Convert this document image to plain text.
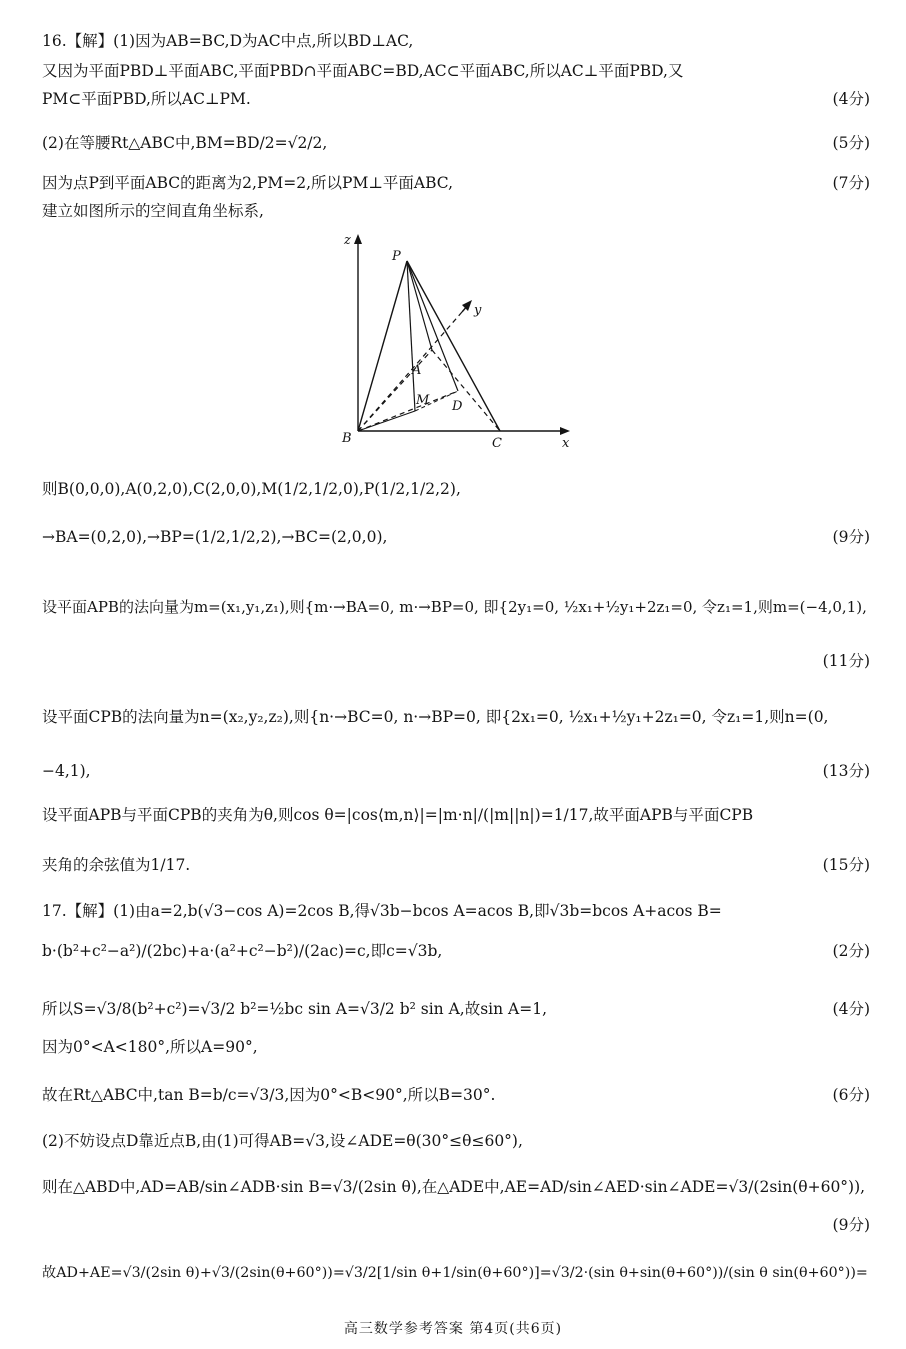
16.【解】(1)因为AB=BC,D为AC中点,所以BD⊥AC,
又因为平面PBD⊥平面ABC,平面PBD∩平面ABC=BD,AC⊂平面ABC,所以AC⊥平面PBD,又
PM⊂平面PBD,所以AC⊥PM.	(4分)
(2)在等腰Rt△ABC中,BM=BD/2=√2/2,	(5分)
因为点P到平面ABC的距离为2,PM=2,所以PM⊥平面ABC,	(7分)
建立如图所示的空间直角坐标系,
z
P
y
A
M D
B	C	x
则B(0,0,0),A(0,2,0),C(2,0,0),M(1/2,1/2,0),P(1/2,1/2,2),
→BA=(0,2,0),→BP=(1/2,1/2,2),→BC=(2,0,0),	(9分)
设平面APB的法向量为m=(x₁,y₁,z₁),则{m·→BA=0, m·→BP=0, 即{2y₁=0, ½x₁+½y₁+2z₁=0, 令z₁=1,则m=(−4,0,1),
(11分)
设平面CPB的法向量为n=(x₂,y₂,z₂),则{n·→BC=0, n·→BP=0, 即{2x₁=0, ½x₁+½y₁+2z₁=0, 令z₁=1,则n=(0,
−4,1),	(13分)
设平面APB与平面CPB的夹角为θ,则cos θ=|cos⟨m,n⟩|=|m·n|/(|m||n|)=1/17,故平面APB与平面CPB
夹角的余弦值为1/17.	(15分)
17.【解】(1)由a=2,b(√3−cos A)=2cos B,得√3b−bcos A=acos B,即√3b=bcos A+acos B=
b·(b²+c²−a²)/(2bc)+a·(a²+c²−b²)/(2ac)=c,即c=√3b,	(2分)
所以S=√3/8(b²+c²)=√3/2 b²=½bc sin A=√3/2 b² sin A,故sin A=1,	(4分)
因为0°<A<180°,所以A=90°,
故在Rt△ABC中,tan B=b/c=√3/3,因为0°<B<90°,所以B=30°.	(6分)
(2)不妨设点D靠近点B,由(1)可得AB=√3,设∠ADE=θ(30°≤θ≤60°),
则在△ABD中,AD=AB/sin∠ADB·sin B=√3/(2sin θ),在△ADE中,AE=AD/sin∠AED·sin∠ADE=√3/(2sin(θ+60°)),
(9分)
故AD+AE=√3/(2sin θ)+√3/(2sin(θ+60°))=√3/2[1/sin θ+1/sin(θ+60°)]=√3/2·(sin θ+sin(θ+60°))/(sin θ sin(θ+60°))=
高三数学参考答案 第4页(共6页)
